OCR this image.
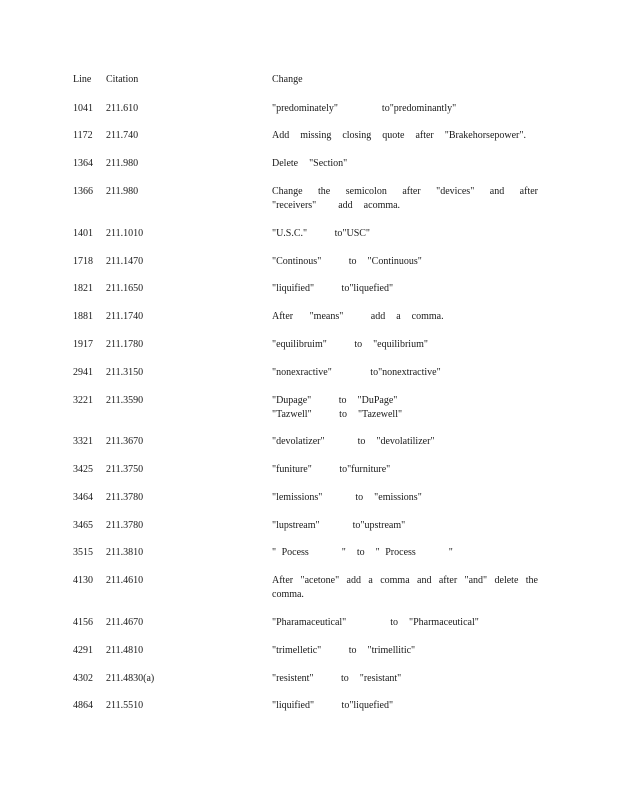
Line Citation	Change
1041 211.610	"predominately"        to"predominantly"
1172 211.740	Add  missing  closing  quote  after  "Brakehorsepower".
1364 211.980	Delete  "Section"
1366 211.980	Change the semicolon after "devices" and after
"receivers"    add  acomma.
1401 211.1010	"U.S.C."     to"USC"
1718 211.1470	"Continous"     to  "Continuous"
1821 211.1650	"liquified"     to"liquefied"
1881 211.1740	After   "means"     add  a  comma.
1917 211.1780	"equilibruim"     to  "equilibrium"
2941 211.3150	"nonexractive"       to"nonextractive"
3221 211.3590	"Dupage"     to  "DuPage"
"Tazwell"     to  "Tazewell"
3321 211.3670	"devolatizer"      to  "devolatilizer"
3425 211.3750	"funiture"     to"furniture"
3464 211.3780	"lemissions"      to  "emissions"
3465 211.3780	"lupstream"      to"upstream"
3515 211.3810	" Pocess      "  to  " Process      "
4130 211.4610	After "acetone" add a comma and after "and" delete the
comma.
4156 211.4670	"Pharamaceutical"        to  "Pharmaceutical"
4291 211.4810	"trimelletic"     to  "trimellitic"
4302 211.4830(a)	"resistent"     to  "resistant"
4864 211.5510	"liquified"     to"liquefied"
